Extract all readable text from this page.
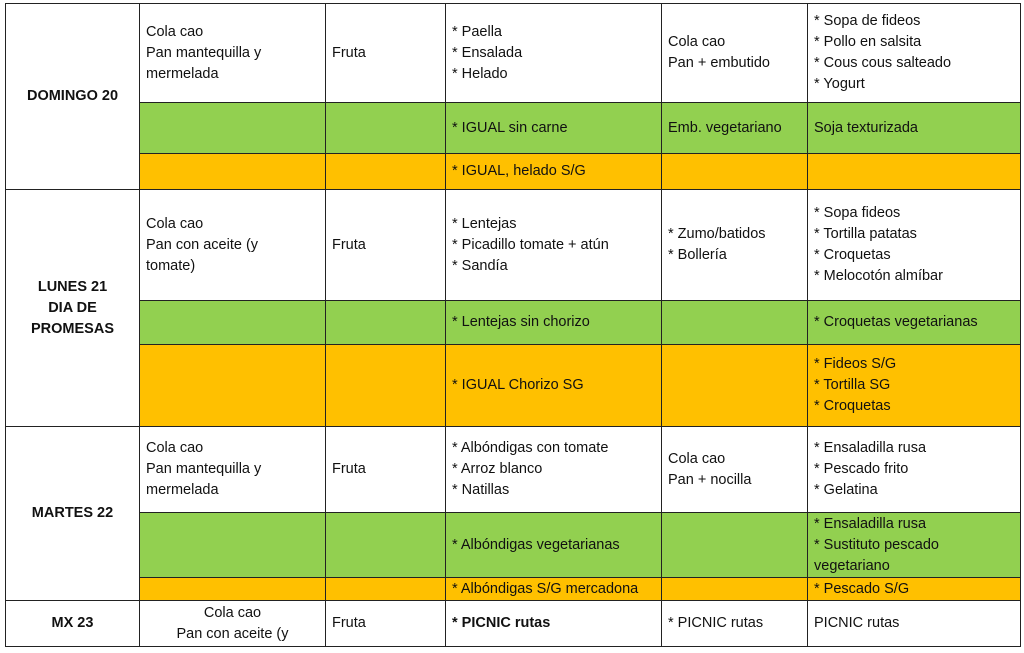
DOMINGO 20	Cola cao
Pan mantequilla y
mermelada	Fruta	* Paella
* Ensalada
* Helado	Cola cao
Pan + embutido	* Sopa de fideos
* Pollo en salsita
* Cous cous salteado
* Yogurt

			* IGUAL sin carne	Emb. vegetariano	Soja texturizada

			* IGUAL, helado S/G		

LUNES 21
DIA DE
PROMESAS	Cola cao
Pan con aceite (y
tomate)	Fruta	* Lentejas
* Picadillo tomate + atún
* Sandía	* Zumo/batidos
* Bollería	* Sopa fideos
* Tortilla patatas
* Croquetas
* Melocotón almíbar

			* Lentejas sin chorizo		* Croquetas vegetarianas

			* IGUAL Chorizo SG		* Fideos S/G
* Tortilla SG
* Croquetas

MARTES 22	Cola cao
Pan mantequilla y
mermelada	Fruta	* Albóndigas con tomate
* Arroz blanco
* Natillas	Cola cao
Pan + nocilla	* Ensaladilla rusa
* Pescado frito
* Gelatina

			* Albóndigas vegetarianas		* Ensaladilla rusa
* Sustituto pescado
vegetariano

			* Albóndigas S/G mercadona		* Pescado S/G

MX 23	Cola cao
Pan con aceite (y	Fruta	* PICNIC rutas	* PICNIC rutas	PICNIC rutas
